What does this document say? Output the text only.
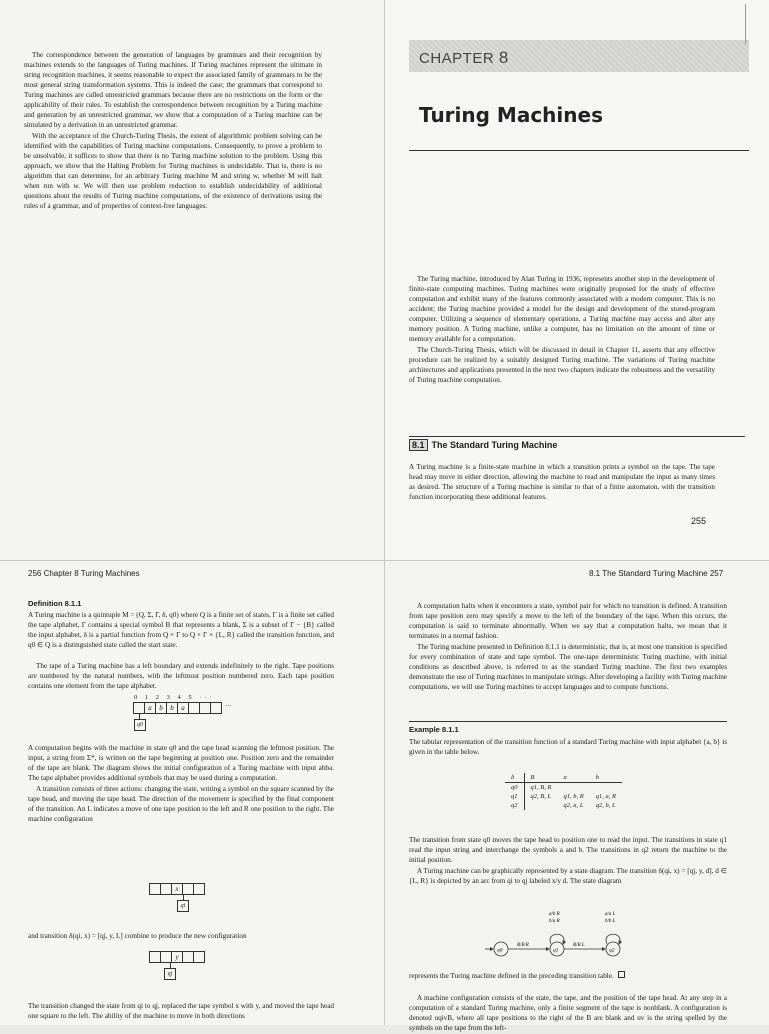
The correspondence between the generation of languages by grammars and their recognition by machines extends to the languages of Turing machines. If Turing machines represent the ultimate in string recognition machines, it seems reasonable to expect the associated family of grammars to be the most general string transformation systems. This is indeed the case; the grammars that correspond to Turing machines are called unrestricted grammars because there are no restrictions on the form or the applicability of their rules. To establish the correspondence between recognition by a Turing machine and generation by an unrestricted grammar, we show that a computation of a Turing machine can be simulated by a derivation in an unrestricted grammar.

With the acceptance of the Church-Turing Thesis, the extent of algorithmic problem solving can be identified with the capabilities of Turing machine computations. Consequently, to prove a problem to be unsolvable, it suffices to show that there is no Turing machine solution to the problem. Using this approach, we show that the Halting Problem for Turing machines is undecidable. That is, there is no algorithm that can determine, for an arbitrary Turing machine M and string w, whether M will halt when run with w. We will then use problem reduction to establish undecidability of additional questions about the results of Turing machine computations, of the existence of derivations using the rules of a grammar, and of properties of context-free languages.

CHAPTER 8
Turing Machines

The Turing machine, introduced by Alan Turing in 1936, represents another step in the development of finite-state computing machines. Turing machines were originally proposed for the study of effective computation and exhibit many of the features commonly associated with a modern computer. This is no accident; the Turing machine provided a model for the design and development of the stored-program computer. Utilizing a sequence of elementary operations, a Turing machine may access and alter any memory position. A Turing machine, unlike a computer, has no limitation on the amount of time or memory available for a computation.

The Church-Turing Thesis, which will be discussed in detail in Chapter 11, asserts that any effective procedure can be realized by a suitably designed Turing machine. The variations of Turing machine architectures and applications presented in the next two chapters indicate the robustness and the versatility of Turing machine computation.

8.1 The Standard Turing Machine

A Turing machine is a finite-state machine in which a transition prints a symbol on the tape. The tape head may move in either direction, allowing the machine to read and manipulate the input as many times as desired. The structure of a Turing machine is similar to that of a finite automaton, with the transition function incorporating these additional features.

255
256 Chapter 8 Turing Machines
Definition 8.1.1

A Turing machine is a quintuple M = (Q, Σ, Γ, δ, q0) where Q is a finite set of states, Γ is a finite set called the tape alphabet, Γ contains a special symbol B that represents a blank, Σ is a subset of Γ − {B} called the input alphabet, δ is a partial function from Q × Γ to Q × Γ × {L, R} called the transition function, and q0 ∈ Q is a distinguished state called the start state.

The tape of a Turing machine has a left boundary and extends indefinitely to the right. Tape positions are numbered by the natural numbers, with the leftmost position numbered zero. Each tape position contains one element from the tape alphabet.

0 1 2 3 4 5 ···
a	b	b	a	···
q0

A computation begins with the machine in state q0 and the tape head scanning the leftmost position. The input, a string from Σ*, is written on the tape beginning at position one. Position zero and the remainder of the tape are blank. The diagram shows the initial configuration of a Turing machine with input abba. The tape alphabet provides additional symbols that may be used during a computation.

A transition consists of three actions: changing the state, writing a symbol on the square scanned by the tape head, and moving the tape head. The direction of the movement is specified by the final component of the transition. An L indicates a move of one tape position to the left and R one position to the right. The machine configuration

x
qi

and transition δ(qi, x) = [qj, y, L] combine to produce the new configuration

y
qj

The transition changed the state from qi to qj, replaced the tape symbol x with y, and moved the tape head one square to the left. The ability of the machine to move in both directions

8.1 The Standard Turing Machine 257

A computation halts when it encounters a state, symbol pair for which no transition is defined. A transition from tape position zero may specify a move to the left of the boundary of the tape. When this occurs, the computation is said to terminate abnormally. When we say that a computation halts, we mean that it terminates in a normal fashion.

The Turing machine presented in Definition 8.1.1 is deterministic, that is, at most one transition is specified for every combination of state and tape symbol. The one-tape deterministic Turing machine, with initial conditions as described above, is referred to as the standard Turing machine. The first two examples demonstrate the use of Turing machines to manipulate strings. After developing a facility with Turing machine computations, we will use Turing machines to accept languages and to compute functions.

Example 8.1.1

The tabular representation of the transition function of a standard Turing machine with input alphabet {a, b} is given in the table below.

δ	B	a	b
q0	q1, B, R		
q1	q2, B, L	q1, b, R	q1, a, R
q2		q2, a, L	q2, b, L

The transition from state q0 moves the tape head to position one to read the input. The transitions in state q1 read the input string and interchange the symbols a and b. The transitions in q2 return the machine to the initial position.

A Turing machine can be graphically represented by a state diagram. The transition δ(qi, x) = [qj, y, d], d ∈ {L, R} is depicted by an arc from qi to qj labeled x/y d. The state diagram

q0	q1	q2
B/B R	B/B L
a/b R
b/a R
a/a L
b/b L

represents the Turing machine defined in the preceding transition table.

A machine configuration consists of the state, the tape, and the position of the tape head. At any step in a computation of a standard Turing machine, only a finite segment of the tape is nonblank. A configuration is denoted uqivB, where all tape positions to the right of the B are blank and uv is the string spelled by the symbols on the tape from the left-
